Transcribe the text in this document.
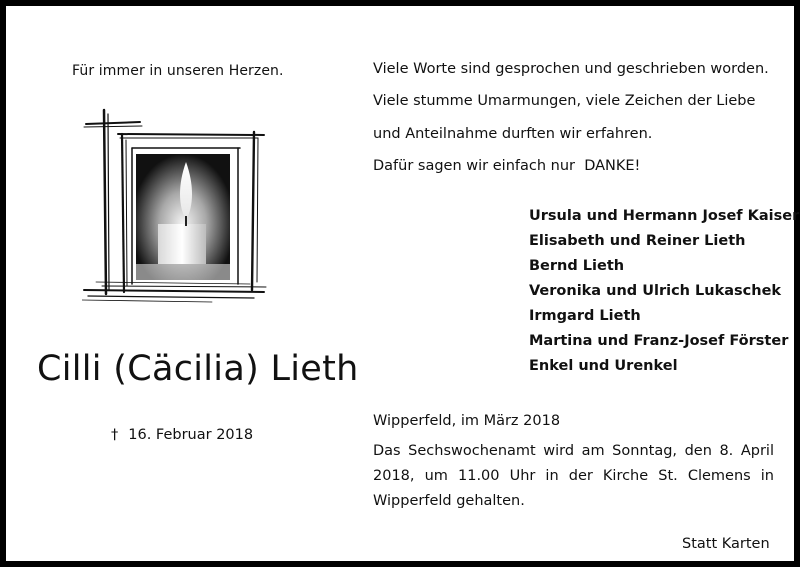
Für immer in unseren Herzen.
Cilli (Cäcilia) Lieth
† 16. Februar 2018

Viele Worte sind gesprochen und geschrieben worden.

Viele stumme Umarmungen, viele Zeichen der Liebe

und Anteilnahme durften wir erfahren.

Dafür sagen wir einfach nur  DANKE!

Ursula und Hermann Josef Kaiser
Elisabeth und Reiner Lieth
Bernd Lieth
Veronika und Ulrich Lukaschek
Irmgard Lieth
Martina und Franz-Josef Förster
Enkel und Urenkel
Wipperfeld, im März 2018
Das Sechswochenamt wird am Sonntag, den 8. April 2018, um 11.00 Uhr in der Kirche St. Clemens in Wipperfeld gehalten.
Statt Karten
